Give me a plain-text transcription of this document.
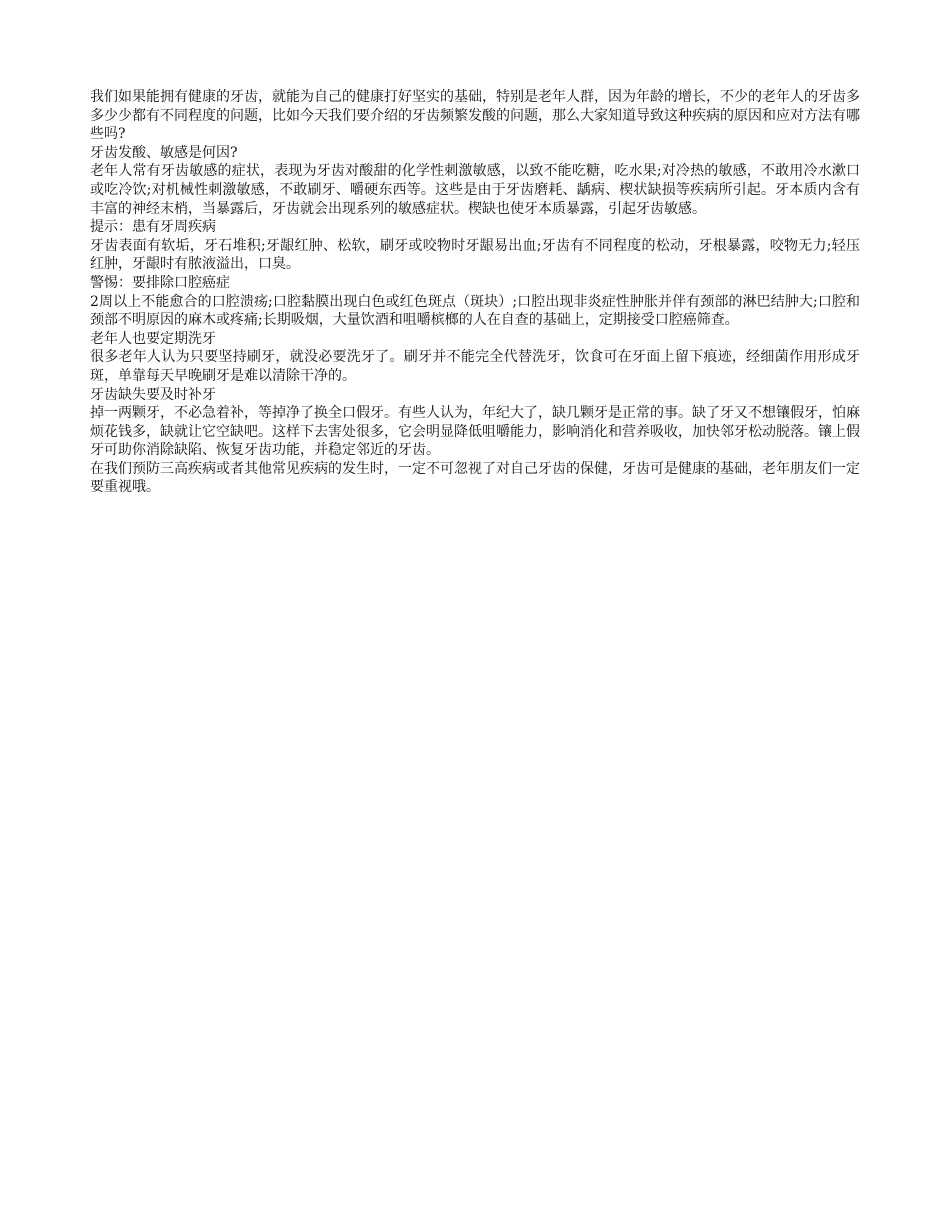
我们如果能拥有健康的牙齿，就能为自己的健康打好坚实的基础，特别是老年人群，因为年龄的增长，不少的老年人的牙齿多多少少都有不同程度的问题，比如今天我们要介绍的牙齿频繁发酸的问题，那么大家知道导致这种疾病的原因和应对方法有哪些吗?

牙齿发酸、敏感是何因?

老年人常有牙齿敏感的症状，表现为牙齿对酸甜的化学性刺激敏感，以致不能吃糖，吃水果;对冷热的敏感，不敢用冷水漱口或吃冷饮;对机械性刺激敏感，不敢刷牙、嚼硬东西等。这些是由于牙齿磨耗、龋病、楔状缺损等疾病所引起。牙本质内含有丰富的神经末梢，当暴露后，牙齿就会出现系列的敏感症状。楔缺也使牙本质暴露，引起牙齿敏感。

提示：患有牙周疾病

牙齿表面有软垢，牙石堆积;牙龈红肿、松软，刷牙或咬物时牙龈易出血;牙齿有不同程度的松动，牙根暴露，咬物无力;轻压红肿，牙龈时有脓液溢出，口臭。

警惕：要排除口腔癌症

2周以上不能愈合的口腔溃疡;口腔黏膜出现白色或红色斑点（斑块）;口腔出现非炎症性肿胀并伴有颈部的淋巴结肿大;口腔和颈部不明原因的麻木或疼痛;长期吸烟，大量饮酒和咀嚼槟榔的人在自查的基础上，定期接受口腔癌筛查。

老年人也要定期洗牙

很多老年人认为只要坚持刷牙，就没必要洗牙了。刷牙并不能完全代替洗牙，饮食可在牙面上留下痕迹，经细菌作用形成牙斑，单靠每天早晚刷牙是难以清除干净的。

牙齿缺失要及时补牙

掉一两颗牙，不必急着补，等掉净了换全口假牙。有些人认为，年纪大了，缺几颗牙是正常的事。缺了牙又不想镶假牙，怕麻烦花钱多，缺就让它空缺吧。这样下去害处很多，它会明显降低咀嚼能力，影响消化和营养吸收，加快邻牙松动脱落。镶上假牙可助你消除缺陷、恢复牙齿功能，并稳定邻近的牙齿。

在我们预防三高疾病或者其他常见疾病的发生时，一定不可忽视了对自己牙齿的保健，牙齿可是健康的基础，老年朋友们一定要重视哦。
